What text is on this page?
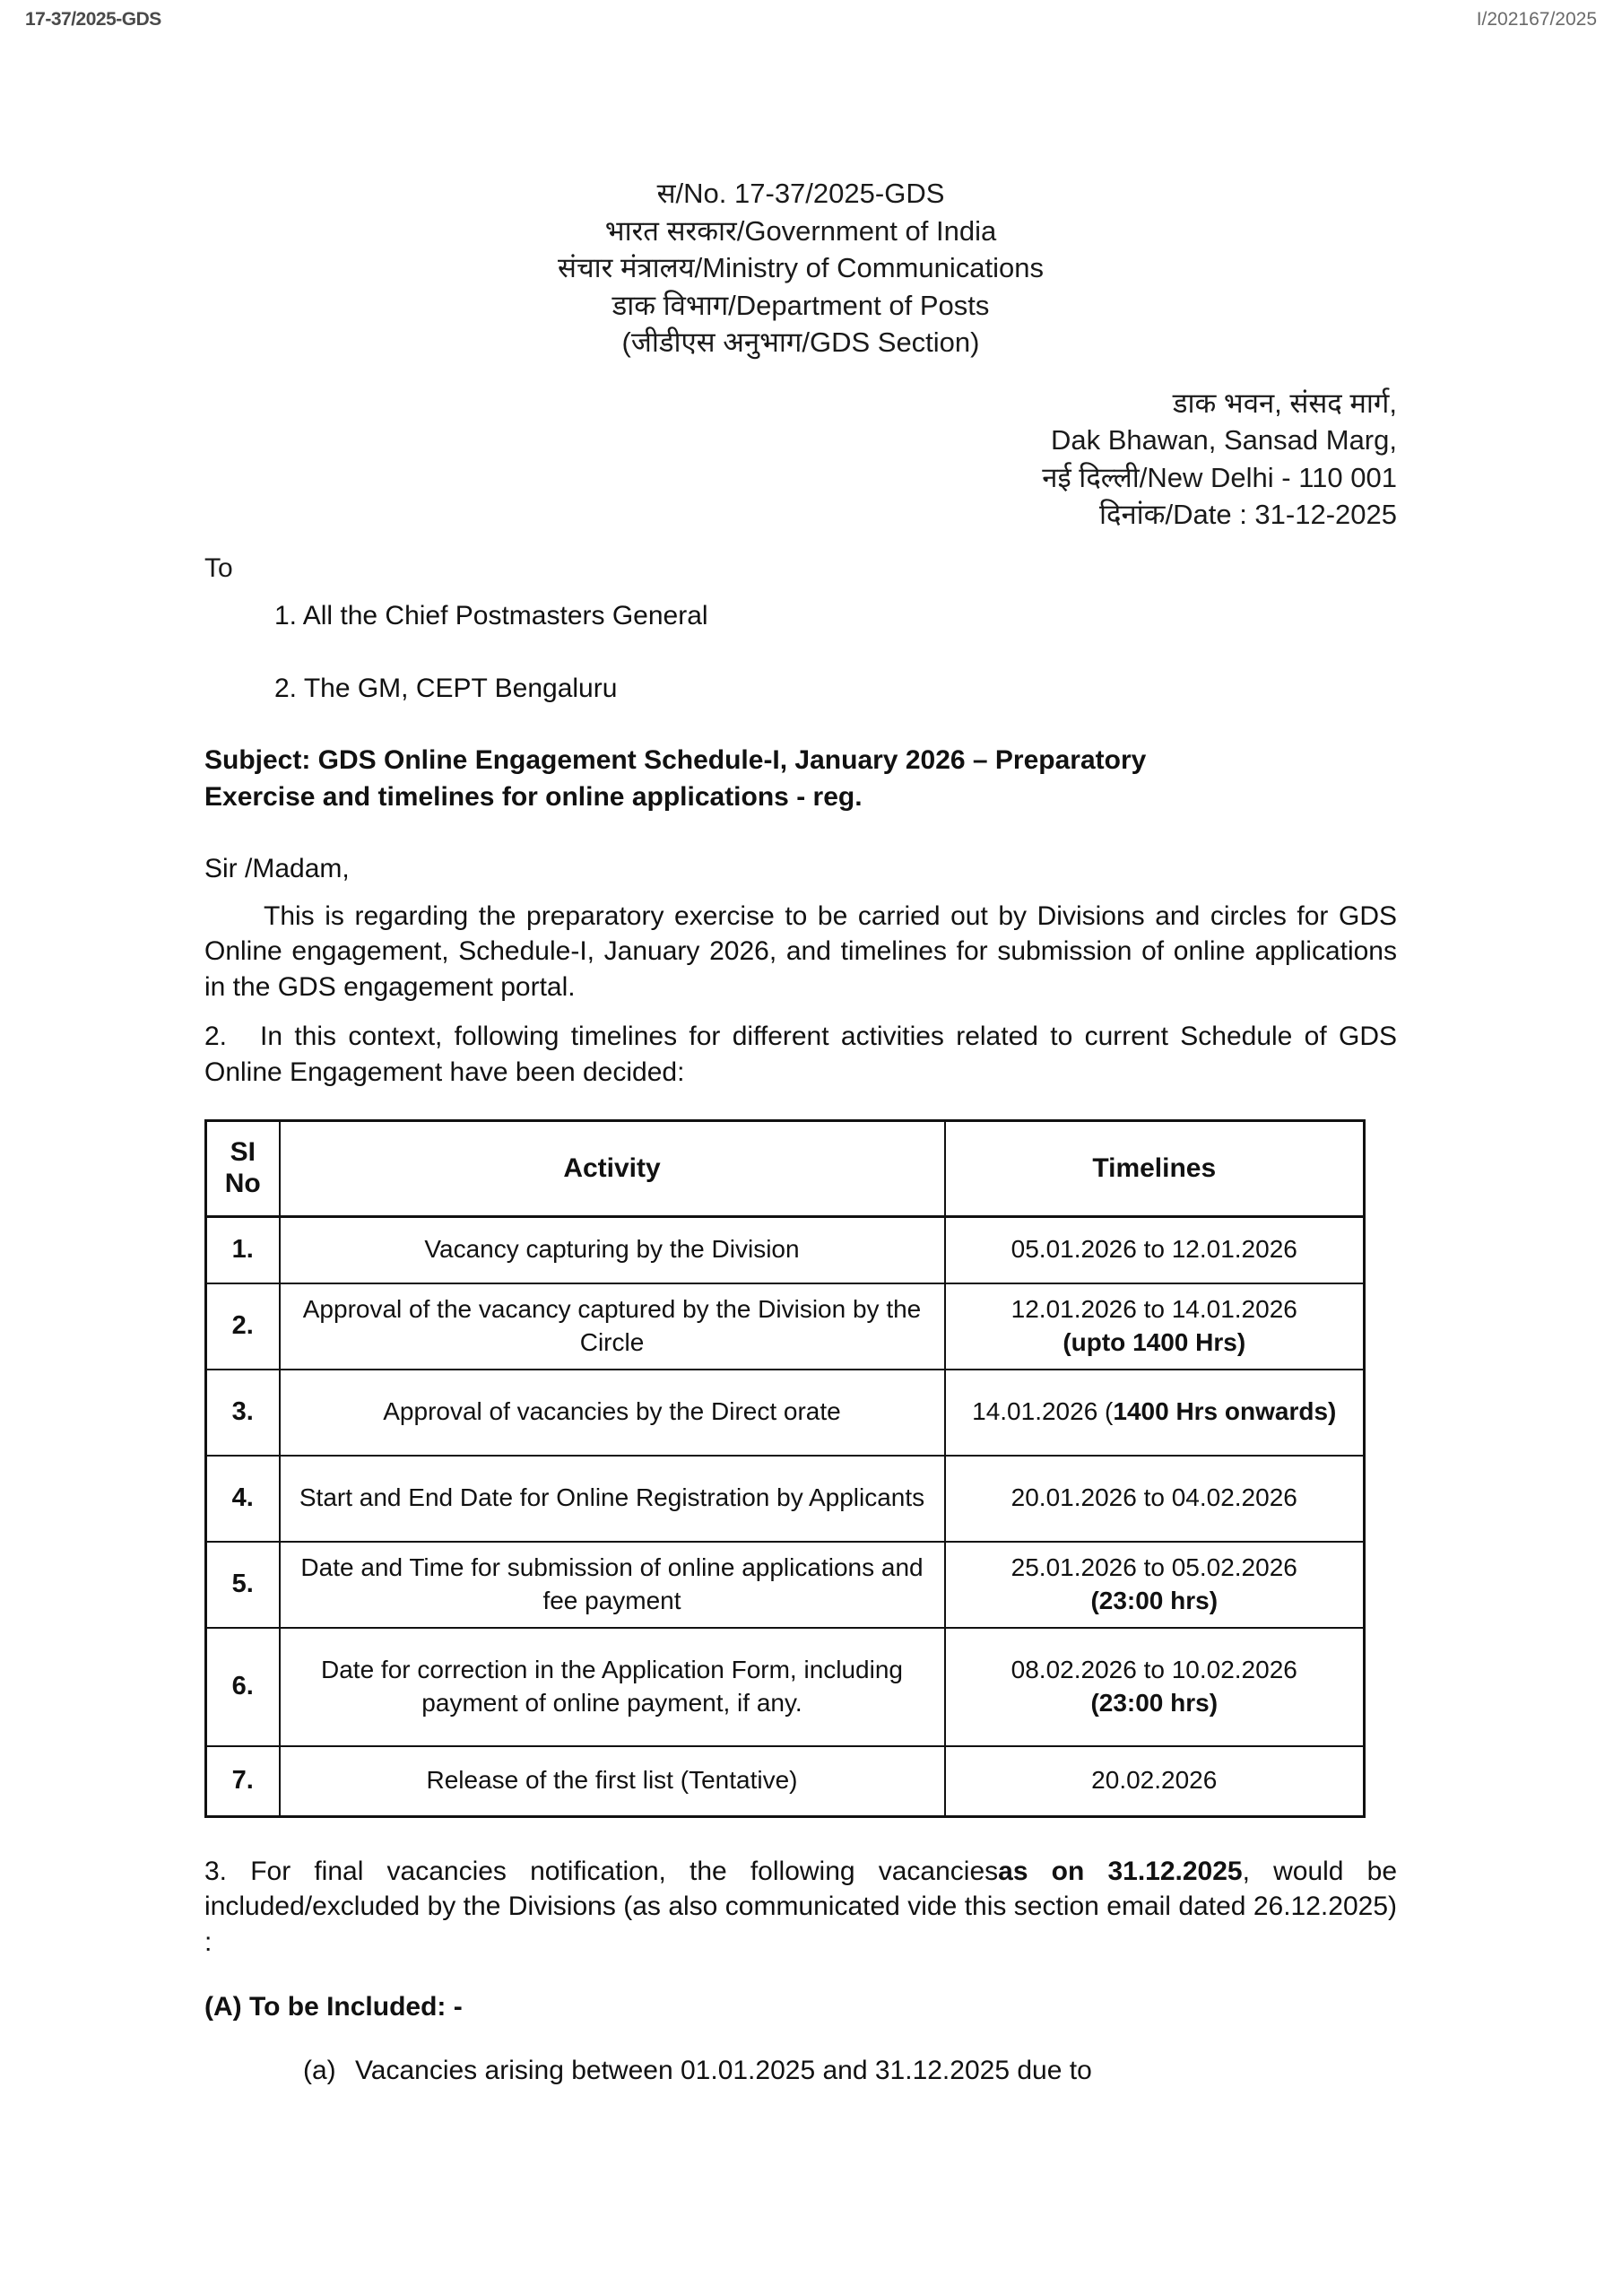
17-37/2025-GDS	I/202167/2025
स/No. 17-37/2025-GDS
भारत सरकार/Government of India
संचार मंत्रालय/Ministry of Communications
डाक विभाग/Department of Posts
(जीडीएस अनुभाग/GDS Section)
डाक भवन, संसद मार्ग,
Dak Bhawan, Sansad Marg,
नई दिल्ली/New Delhi - 110 001
दिनांक/Date : 31-12-2025
To
1. All the Chief Postmasters General
2. The GM, CEPT Bengaluru
Subject: GDS Online Engagement Schedule-I, January 2026 – Preparatory
Exercise and timelines for online applications - reg.
Sir /Madam,
This is regarding the preparatory exercise to be carried out by Divisions and circles for GDS Online engagement, Schedule-I, January 2026, and timelines for submission of online applications in the GDS engagement portal.
2. In this context, following timelines for different activities related to current Schedule of GDS Online Engagement have been decided:
SI
No	Activity	Timelines
1.	Vacancy capturing by the Division	05.01.2026 to 12.01.2026
2.	Approval of the vacancy captured by the Division by the Circle	12.01.2026 to 14.01.2026
(upto 1400 Hrs)
3.	Approval of vacancies by the Direct orate	14.01.2026 (1400 Hrs onwards)
4.	Start and End Date for Online Registration by Applicants	20.01.2026 to 04.02.2026
5.	Date and Time for submission of online applications and fee payment	25.01.2026 to 05.02.2026
(23:00 hrs)
6.	Date for correction in the Application Form, including payment of online payment, if any.	08.02.2026 to 10.02.2026
(23:00 hrs)
7.	Release of the first list (Tentative)	20.02.2026
3. For final vacancies notification, the following vacanciesas on 31.12.2025, would be included/excluded by the Divisions (as also communicated vide this section email dated 26.12.2025) :
(A) To be Included: -
(a) Vacancies arising between 01.01.2025 and 31.12.2025 due to
